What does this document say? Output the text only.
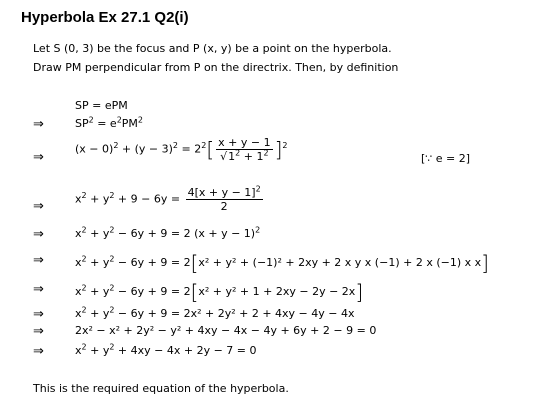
Hyperbola Ex 27.1 Q2(i)
Let S (0, 3) be the focus and P (x, y) be a point on the hyperbola.
Draw PM perpendicular from P on the directrix. Then, by definition
SP = ePM
⇒	$SP^2 = e^2PM^2$
⇒
$(x - 0)^2 + (y - 3)^2 = 2^2[ \frac{x + y - 1}{√1^2 + 1^2} ]^2$
[∵ e = 2]
⇒	$x^2 + y^2 + 9 - 6y = \frac{4[x + y - 1]^2}{2}$
⇒	$x^2 + y^2 - 6y + 9 = 2$ $(x + y - 1)^2$
⇒	$x^2 + y^2 - 6y + 9 = 2[x^2 + y^2 + (-1)^2 + 2xy + 2$ x y x (−1) + 2 x (−1) x x]
⇒	$x^2 + y^2 - 6y + 9 = 2[x^2 + y^2 + 1 + 2xy - 2y - 2x]$
⇒	$x^2 + y^2 - 6y + 9 = 2x^2 + 2y^2 + 2 + 4xy - 4y - 4x$
⇒	2x² − x² + 2y² − y² + 4xy − 4x − 4y + 6y + 2 − 9 = 0
⇒	$x^2 + y^2 + 4xy - 4x + 2y - 7 = 0$
This is the required equation of the hyperbola.
